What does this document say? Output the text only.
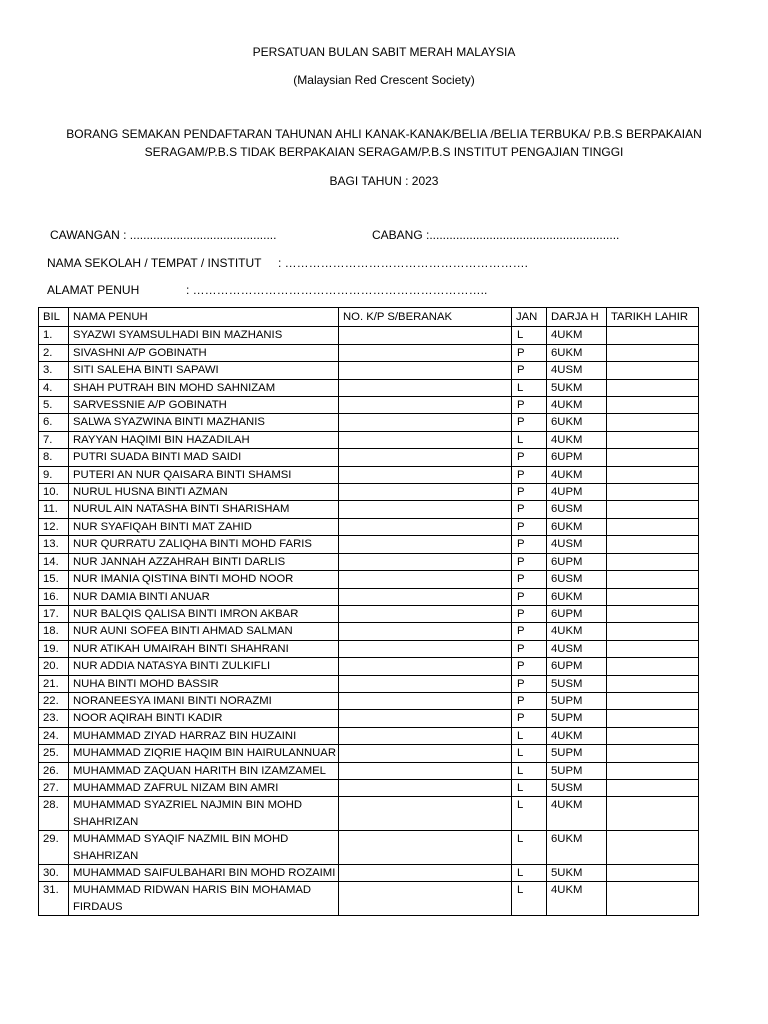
PERSATUAN BULAN SABIT MERAH MALAYSIA
(Malaysian Red Crescent Society)
BORANG SEMAKAN PENDAFTARAN TAHUNAN AHLI KANAK-KANAK/BELIA /BELIA TERBUKA/ P.B.S BERPAKAIAN
SERAGAM/P.B.S TIDAK BERPAKAIAN SERAGAM/P.B.S INSTITUT PENGAJIAN TINGGI
BAGI TAHUN : 2023
CAWANGAN : ............................................	CABANG :.........................................................
NAMA SEKOLAH / TEMPAT / INSTITUT : …………………………………………………….
ALAMAT PENUH	: ………………………………………………………………..
BIL	NAMA PENUH	NO. K/P S/BERANAK	JAN	DARJA H	TARIKH LAHIR
1.	SYAZWI SYAMSULHADI BIN MAZHANIS		L	4UKM	
2.	SIVASHNI A/P GOBINATH		P	6UKM	
3.	SITI SALEHA BINTI SAPAWI		P	4USM	
4.	SHAH PUTRAH BIN MOHD SAHNIZAM		L	5UKM	
5.	SARVESSNIE A/P GOBINATH		P	4UKM	
6.	SALWA SYAZWINA BINTI MAZHANIS		P	6UKM	
7.	RAYYAN HAQIMI BIN HAZADILAH		L	4UKM	
8.	PUTRI SUADA BINTI MAD SAIDI		P	6UPM	
9.	PUTERI AN NUR QAISARA BINTI SHAMSI		P	4UKM	
10.	NURUL HUSNA BINTI AZMAN		P	4UPM	
11.	NURUL AIN NATASHA BINTI SHARISHAM		P	6USM	
12.	NUR SYAFIQAH BINTI MAT ZAHID		P	6UKM	
13.	NUR QURRATU ZALIQHA BINTI MOHD FARIS		P	4USM	
14.	NUR JANNAH AZZAHRAH BINTI DARLIS		P	6UPM	
15.	NUR IMANIA QISTINA BINTI MOHD NOOR		P	6USM	
16.	NUR DAMIA BINTI ANUAR		P	6UKM	
17.	NUR BALQIS QALISA BINTI IMRON AKBAR		P	6UPM	
18.	NUR AUNI SOFEA BINTI AHMAD SALMAN		P	4UKM	
19.	NUR ATIKAH UMAIRAH BINTI SHAHRANI		P	4USM	
20.	NUR ADDIA NATASYA BINTI ZULKIFLI		P	6UPM	
21.	NUHA BINTI MOHD BASSIR		P	5USM	
22.	NORANEESYA IMANI BINTI NORAZMI		P	5UPM	
23.	NOOR AQIRAH BINTI KADIR		P	5UPM	
24.	MUHAMMAD ZIYAD HARRAZ BIN HUZAINI		L	4UKM	
25.	MUHAMMAD ZIQRIE HAQIM BIN HAIRULANNUAR		L	5UPM	
26.	MUHAMMAD ZAQUAN HARITH BIN IZAMZAMEL		L	5UPM	
27.	MUHAMMAD ZAFRUL NIZAM BIN AMRI		L	5USM	
28.	MUHAMMAD SYAZRIEL NAJMIN BIN MOHD SHAHRIZAN		L	4UKM	
29.	MUHAMMAD SYAQIF NAZMIL BIN MOHD SHAHRIZAN		L	6UKM	
30.	MUHAMMAD SAIFULBAHARI BIN MOHD ROZAIMI		L	5UKM	
31.	MUHAMMAD RIDWAN HARIS BIN MOHAMAD FIRDAUS		L	4UKM	
